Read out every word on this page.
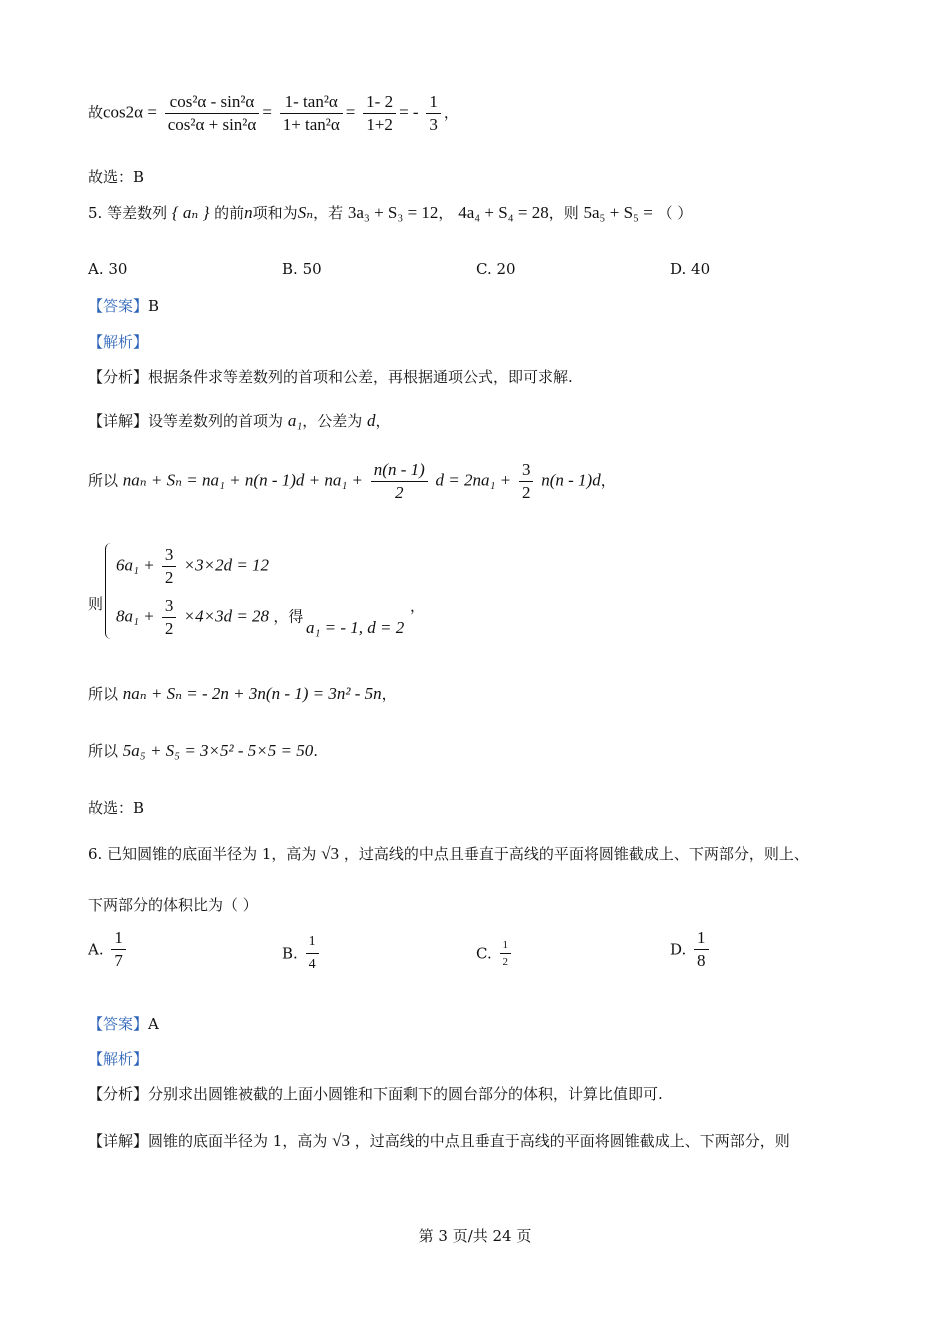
故$\cos 2\alpha = \frac{\text{cos²α - sin²α}}{\text{cos²α + sin²α}} = \frac{\text{1- tan²α}}{\text{1+ tan²α}} = \frac{1- 2}{1+2}$ = - $\frac{1}{3}$ ，
故选：B
5. 等差数列 { aₙ } 的前n项和为Sₙ，若 3a₃ + S₃ = 12， 4a₄ + S₄ = 28，则 5a₅ + S₅ = （ ）
A. 30	B. 50	C. 20	D. 40
【答案】B
【解析】
【分析】根据条件求等差数列的首项和公差，再根据通项公式，即可求解.
【详解】设等差数列的首项为 a₁，公差为 d，
所以 $na_n + S_n = na_1 + n(n - 1)d + na_1 + \frac{n(n - 1)}{2}$ $d = 2na_1 + \frac{3}{2} n(n - 1)d$，
则
$6a_1 + \frac{3}{2} \times 3\times 2d = 12$
$8a_1 + \frac{3}{2} \times 4\times 3d = 28$ ，得
a₁ = - 1, d = 2
，
所以 naₙ + Sₙ = - 2n + 3n(n - 1) = 3n² - 5n，
所以 5a₅ + S₅ = 3×5² - 5×5 = 50.
故选：B
6. 已知圆锥的底面半径为 1，高为 √3 ，过高线的中点且垂直于高线的平面将圆锥截成上、下两部分，则上、
下两部分的体积比为（ ）
A. $\frac{1}{7}$	B. $\frac{1}{4}$	C. $\frac{1}{2}$	D. $\frac{1}{8}$
【答案】A
【解析】
【分析】分别求出圆锥被截的上面小圆锥和下面剩下的圆台部分的体积，计算比值即可.
【详解】圆锥的底面半径为 1，高为 √3 ，过高线的中点且垂直于高线的平面将圆锥截成上、下两部分，则
第 3 页/共 24 页
